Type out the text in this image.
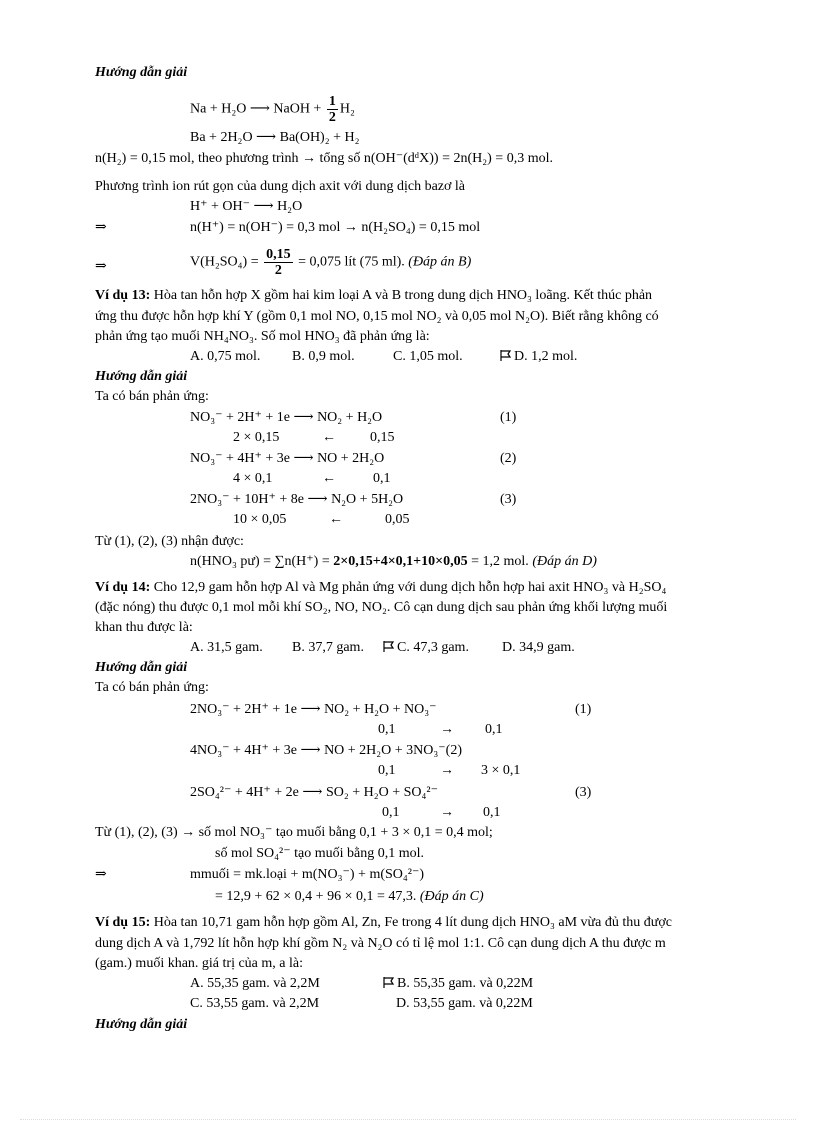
Hướng dẫn giải
Na + H₂O ⟶ NaOH + $\frac{1}{2} H_2$
Ba + 2H₂O ⟶ Ba(OH)₂ + H₂
n(H₂) = 0,15 mol, theo phương trình → tổng số n(OH⁻(dᵈX)) = 2n(H₂) = 0,3 mol.
Phương trình ion rút gọn của dung dịch axit với dung dịch bazơ là
H⁺ + OH⁻ ⟶ H₂O
⇒	n(H⁺) = n(OH⁻) = 0,3 mol → n(H₂SO₄) = 0,15 mol
⇒	$V(H_2SO_4) = \frac{0,15}{2} = 0,075$ lít (75 ml). (Đáp án B)
Ví dụ 13: Hòa tan hỗn hợp X gồm hai kim loại A và B trong dung dịch HNO₃ loãng. Kết thúc phản
ứng thu được hỗn hợp khí Y (gồm 0,1 mol NO, 0,15 mol NO₂ và 0,05 mol N₂O). Biết rằng không có
phản ứng tạo muối NH₄NO₃. Số mol HNO₃ đã phản ứng là:
A. 0,75 mol. B. 0,9 mol.	C. 1,05 mol.	D. 1,2 mol.
Hướng dẫn giải
Ta có bán phản ứng:
NO₃⁻ + 2H⁺ + 1e ⟶ NO₂ + H₂O	(1)
2 × 0,15	← 0,15
NO₃⁻ + 4H⁺ + 3e ⟶ NO + 2H₂O	(2)
4 × 0,1	←	0,1
2NO₃⁻ + 10H⁺ + 8e ⟶ N₂O + 5H₂O	(3)
10 × 0,05	←	0,05
Từ (1), (2), (3) nhận được:
n(HNO₃ pư) = ∑n(H⁺) = 2×0,15+4×0,1+10×0,05 = 1,2 mol. (Đáp án D)
Ví dụ 14: Cho 12,9 gam hỗn hợp Al và Mg phản ứng với dung dịch hỗn hợp hai axit HNO₃ và H₂SO₄
(đặc nóng) thu được 0,1 mol mỗi khí SO₂, NO, NO₂. Cô cạn dung dịch sau phản ứng khối lượng muối
khan thu được là:
A. 31,5 gam. B. 37,7 gam.	C. 47,3 gam. D. 34,9 gam.
Hướng dẫn giải
Ta có bán phản ứng:
2NO₃⁻ + 2H⁺ + 1e ⟶ NO₂ + H₂O + NO₃⁻	(1)
0,1	→ 0,1
4NO₃⁻ + 4H⁺ + 3e ⟶ NO + 2H₂O + 3NO₃⁻(2)
0,1	→ 3 × 0,1
2SO₄²⁻ + 4H⁺ + 2e ⟶ SO₂ + H₂O + SO₄²⁻	(3)
0,1	→ 0,1
Từ (1), (2), (3) → số mol NO₃⁻ tạo muối bằng 0,1 + 3 × 0,1 = 0,4 mol;
số mol SO₄²⁻ tạo muối bằng 0,1 mol.
⇒	mmuối = mk.loại + m(NO₃⁻) + m(SO₄²⁻)
= 12,9 + 62 × 0,4 + 96 × 0,1 = 47,3. (Đáp án C)
Ví dụ 15: Hòa tan 10,71 gam hỗn hợp gồm Al, Zn, Fe trong 4 lít dung dịch HNO₃ aM vừa đủ thu được
dung dịch A và 1,792 lít hỗn hợp khí gồm N₂ và N₂O có tỉ lệ mol 1:1. Cô cạn dung dịch A thu được m
(gam.) muối khan. giá trị của m, a là:
A. 55,35 gam. và 2,2M	B. 55,35 gam. và 0,22M
C. 53,55 gam. và 2,2M	D. 53,55 gam. và 0,22M
Hướng dẫn giải
